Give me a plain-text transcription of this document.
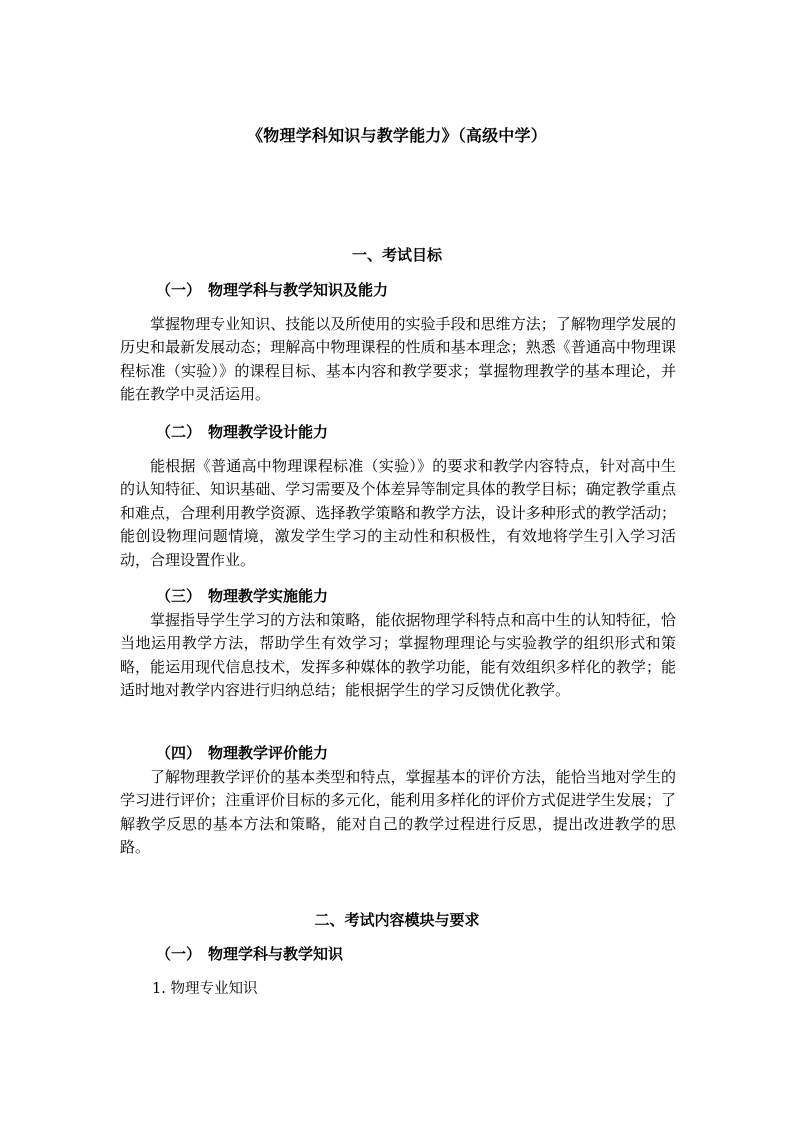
《物理学科知识与教学能力》（高级中学）
一、考试目标
（一） 物理学科与教学知识及能力

掌握物理专业知识、技能以及所使用的实验手段和思维方法；了解物理学发展的历史和最新发展动态；理解高中物理课程的性质和基本理念；熟悉《普通高中物理课程标准（实验）》的课程目标、基本内容和教学要求；掌握物理教学的基本理论，并能在教学中灵活运用。

（二） 物理教学设计能力

能根据《普通高中物理课程标准（实验）》的要求和教学内容特点，针对高中生的认知特征、知识基础、学习需要及个体差异等制定具体的教学目标；确定教学重点和难点，合理利用教学资源、选择教学策略和教学方法，设计多种形式的教学活动；能创设物理问题情境，激发学生学习的主动性和积极性，有效地将学生引入学习活动，合理设置作业。

（三） 物理教学实施能力

掌握指导学生学习的方法和策略，能依据物理学科特点和高中生的认知特征，恰当地运用教学方法，帮助学生有效学习；掌握物理理论与实验教学的组织形式和策略，能运用现代信息技术，发挥多种媒体的教学功能，能有效组织多样化的教学；能适时地对教学内容进行归纳总结；能根据学生的学习反馈优化教学。

（四） 物理教学评价能力

了解物理教学评价的基本类型和特点，掌握基本的评价方法，能恰当地对学生的学习进行评价；注重评价目标的多元化，能利用多样化的评价方式促进学生发展；了解教学反思的基本方法和策略，能对自己的教学过程进行反思，提出改进教学的思路。

二、考试内容模块与要求
（一） 物理学科与教学知识
1. 物理专业知识
